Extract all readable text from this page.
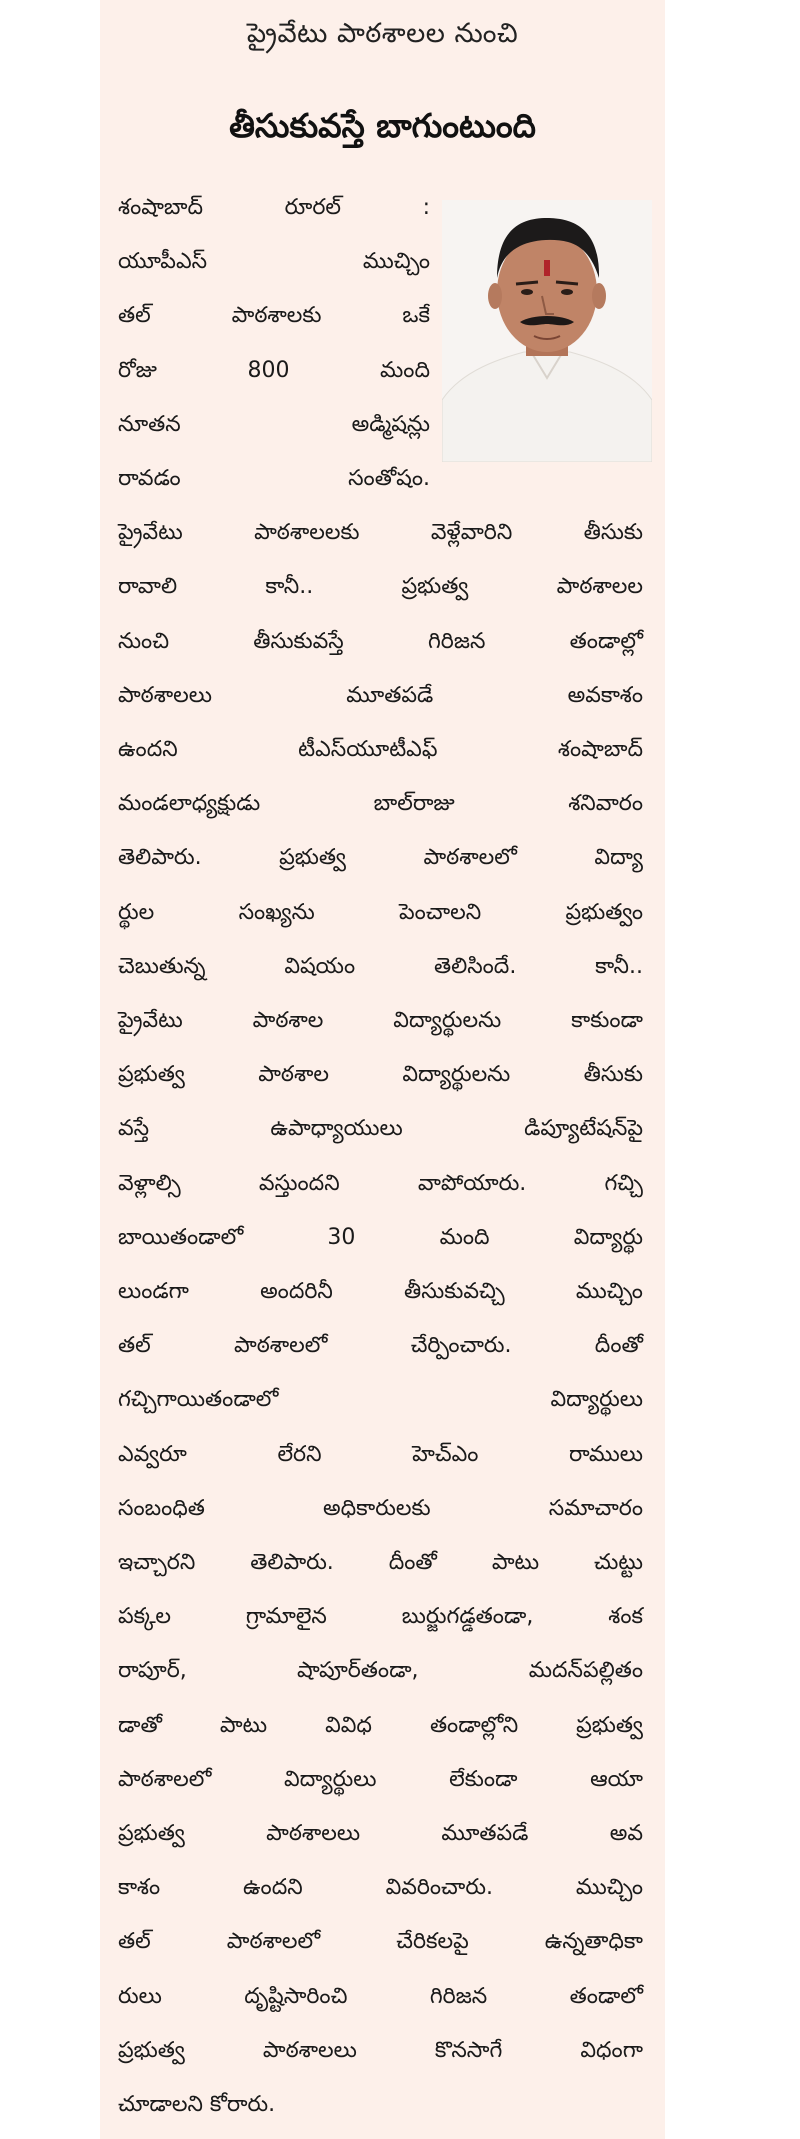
ప్రైవేటు పాఠశాలల నుంచి
తీసుకువస్తే బాగుంటుంది
శంషాబాద్	రూరల్	:
యూపీఎస్	ముచ్చిం
తల్	పాఠశాలకు	ఒకే
రోజు	800	మంది
నూతన	అడ్మిషన్లు
రావడం	సంతోషం.
ప్రైవేటు	పాఠశాలలకు	వెళ్లేవారిని	తీసుకు
రావాలి	కానీ..	ప్రభుత్వ	పాఠశాలల
నుంచి	తీసుకువస్తే	గిరిజన	తండాల్లో
పాఠశాలలు	మూతపడే	అవకాశం
ఉందని	టీఎస్‌యూటీఎఫ్	శంషాబాద్
మండలాధ్యక్షుడు	బాల్‌రాజు	శనివారం
తెలిపారు.	ప్రభుత్వ	పాఠశాలలో	విద్యా
ర్థుల	సంఖ్యను	పెంచాలని	ప్రభుత్వం
చెబుతున్న	విషయం	తెలిసిందే.	కానీ..
ప్రైవేటు	పాఠశాల	విద్యార్థులను	కాకుండా
ప్రభుత్వ	పాఠశాల	విద్యార్థులను	తీసుకు
వస్తే	ఉపాధ్యాయులు	డిప్యూటేషన్‌పై
వెళ్లాల్సి	వస్తుందని	వాపోయారు.	గచ్చి
బాయితండాలో	30	మంది	విద్యార్థు
లుండగా	అందరినీ	తీసుకువచ్చి	ముచ్చిం
తల్	పాఠశాలలో	చేర్పించారు.	దీంతో
గచ్చిగాయితండాలో	విద్యార్థులు
ఎవ్వరూ	లేరని	హెచ్ఎం	రాములు
సంబంధిత	అధికారులకు	సమాచారం
ఇచ్చారని తెలిపారు. దీంతో పాటు చుట్టు
పక్కల	గ్రామాలైన	బుర్జుగడ్డతండా,	శంక
రాపూర్,	షాపూర్‌తండా,	మదన్‌పల్లితం
డాతో	పాటు	వివిధ	తండాల్లోని	ప్రభుత్వ
పాఠశాలలో	విద్యార్థులు	లేకుండా	ఆయా
ప్రభుత్వ	పాఠశాలలు	మూతపడే	అవ
కాశం	ఉందని	వివరించారు.	ముచ్చిం
తల్	పాఠశాలలో	చేరికలపై	ఉన్నతాధికా
రులు	దృష్టిసారించి	గిరిజన	తండాలో
ప్రభుత్వ	పాఠశాలలు	కొనసాగే	విధంగా
చూడాలని కోరారు.
